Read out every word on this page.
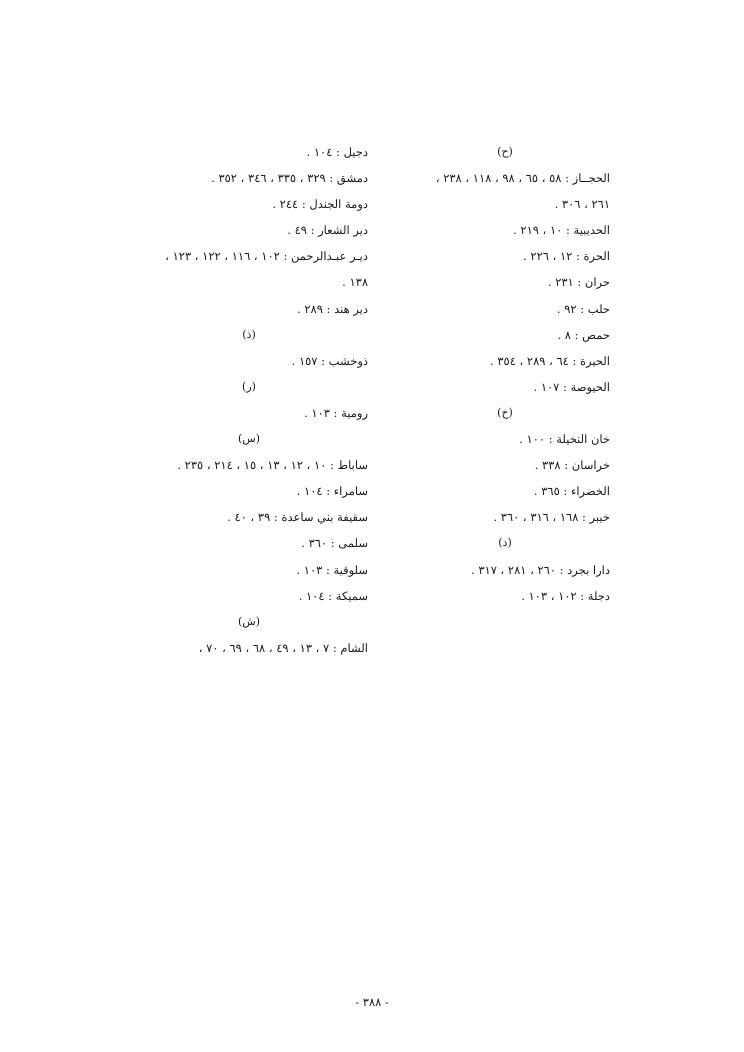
(ح)
الحجــاز : ٥٨ ، ٦٥ ، ٩٨ ، ١١٨ ، ٢٣٨ ،
٢٦١ ، ٣٠٦ .
الحديبية : ١٠ ، ٢١٩ .
الحرة : ١٢ ، ٢٢٦ .
حران : ٢٣١ .
حلب : ٩٢ .
حمص : ٨ .
الحيرة : ٦٤ ، ٢٨٩ ، ٣٥٤ .
الحيوصة : ١٠٧ .
(خ)
خان النخيلة : ١٠٠ .
خراسان : ٣٣٨ .
الخضراء : ٣٦٥ .
خيبر : ١٦٨ ، ٣١٦ ، ٣٦٠ .
(د)
دارا بجرد : ٢٦٠ ، ٢٨١ ، ٣١٧ .
دجلة : ١٠٢ ، ١٠٣ .
دجيل : ١٠٤ .
دمشق : ٣٢٩ ، ٣٣٥ ، ٣٤٦ ، ٣٥٢ .
دومة الجندل : ٢٤٤ .
دير الشعار : ٤٩ .
ديـر عبـدالرحمن : ١٠٢ ، ١١٦ ، ١٢٢ ، ١٢٣ ،
١٣٨ .
دير هند : ٢٨٩ .
(ذ)
ذوخشب : ١٥٧ .
(ر)
رومية : ١٠٣ .
(س)
ساباط : ١٠ ، ١٢ ، ١٣ ، ١٥ ، ٢١٤ ، ٢٣٥ .
سامراء : ١٠٤ .
سقيفة بني ساعدة : ٣٩ ، ٤٠ .
سلمى : ٣٦٠ .
سلوقية : ١٠٣ .
سميكة : ١٠٤ .
(ش)
الشام : ٧ ، ١٣ ، ٤٩ ، ٦٨ ، ٦٩ ، ٧٠ ،
- ٣٨٨ -
